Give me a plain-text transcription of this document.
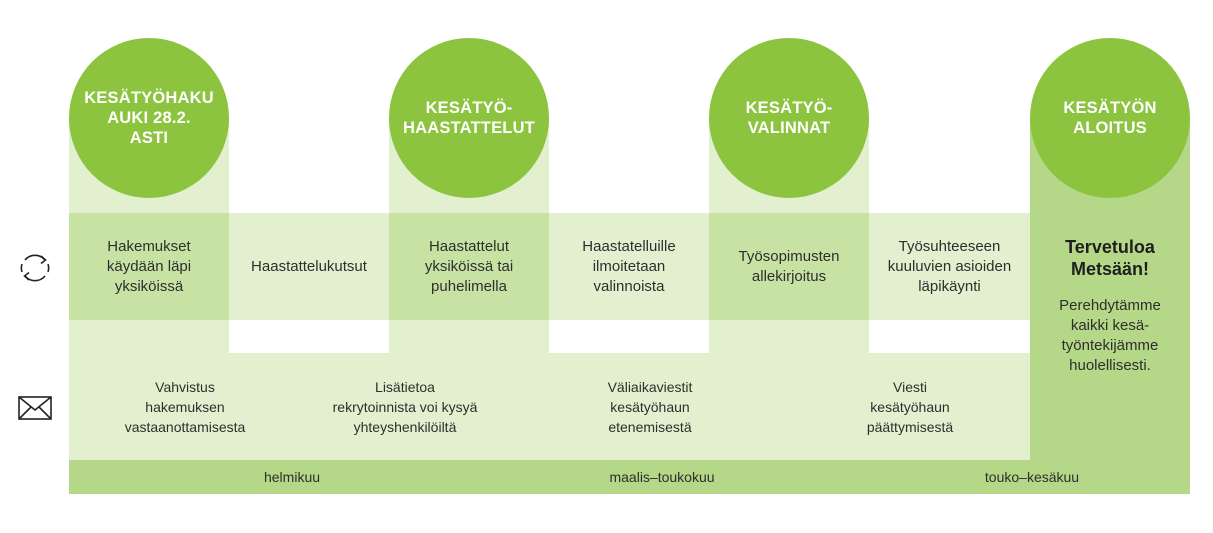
KESÄTYÖHAKU
AUKI 28.2.
ASTI
KESÄTYÖ-
HAASTATTELUT
KESÄTYÖ-
VALINNAT
KESÄTYÖN
ALOITUS
Hakemukset
käydään läpi
yksiköissä
Haastattelukutsut
Haastattelut
yksiköissä tai
puhelimella
Haastatelluille
ilmoitetaan
valinnoista
Työsopimusten
allekirjoitus
Työsuhteeseen
kuuluvien asioiden
läpikäynti
Vahvistus
hakemuksen
vastaanottamisesta
Lisätietoa
rekrytoinnista voi kysyä
yhteyshenkilöiltä
Väliaikaviestit
kesätyöhaun
etenemisestä
Viesti
kesätyöhaun
päättymisestä
Tervetuloa
Metsään!
Perehdytämme
kaikki kesä-
työntekijämme
huolellisesti.
helmikuu	maalis–toukokuu	touko–kesäkuu
